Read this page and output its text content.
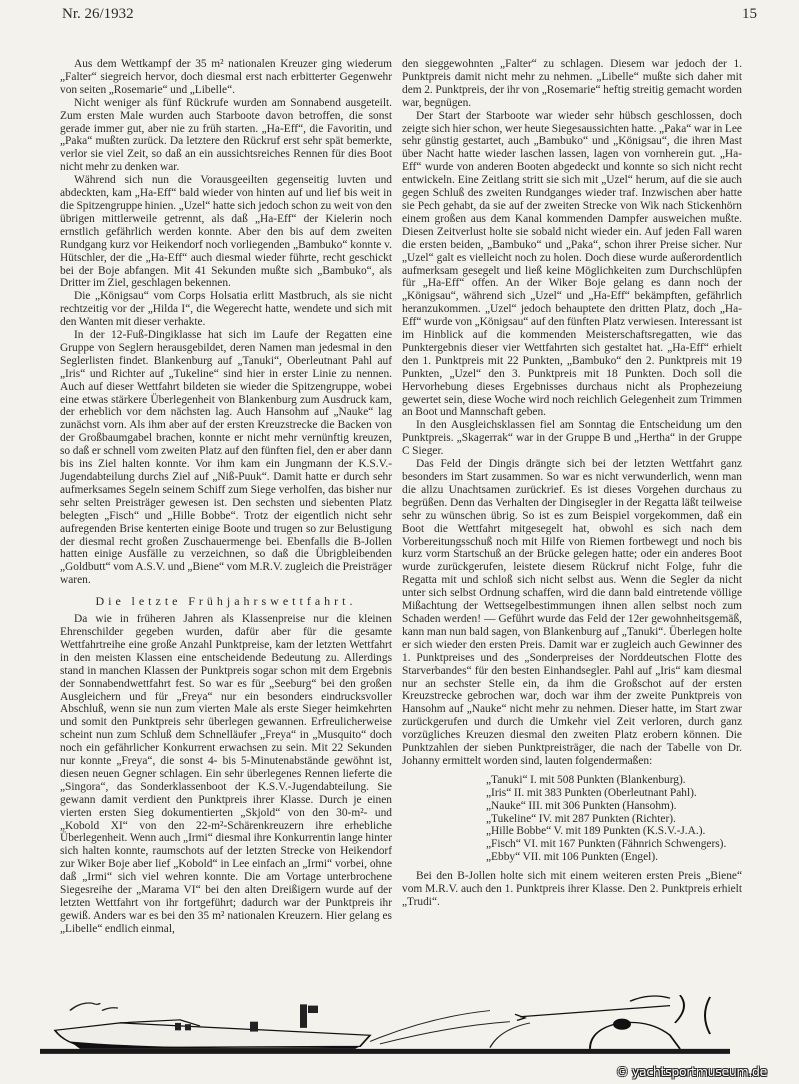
Nr. 26/1932	15

Aus dem Wettkampf der 35 m² nationalen Kreuzer ging wiederum „Falter“ siegreich hervor, doch diesmal erst nach erbitterter Gegenwehr von seiten „Rosemarie“ und „Libelle“.

Nicht weniger als fünf Rückrufe wurden am Sonnabend ausgeteilt. Zum ersten Male wurden auch Starboote davon betroffen, die sonst gerade immer gut, aber nie zu früh starten. „Ha-Eff“, die Favoritin, und „Paka“ mußten zurück. Da letztere den Rückruf erst sehr spät bemerkte, verlor sie viel Zeit, so daß an ein aussichtsreiches Rennen für dies Boot nicht mehr zu denken war.

Während sich nun die Vorausgeeilten gegenseitig luvten und abdeckten, kam „Ha-Eff“ bald wieder von hinten auf und lief bis weit in die Spitzengruppe hinien. „Uzel“ hatte sich jedoch schon zu weit von den übrigen mittlerweile getrennt, als daß „Ha-Eff“ der Kielerin noch ernstlich gefährlich werden konnte. Aber den bis auf dem zweiten Rundgang kurz vor Heikendorf noch vorliegenden „Bambuko“ konnte v. Hütschler, der die „Ha-Eff“ auch diesmal wieder führte, recht geschickt bei der Boje abfangen. Mit 41 Sekunden mußte sich „Bambuko“, als Dritter im Ziel, geschlagen bekennen.

Die „Königsau“ vom Corps Holsatia erlitt Mastbruch, als sie nicht rechtzeitig vor der „Hilda I“, die Wegerecht hatte, wendete und sich mit den Wanten mit dieser verhakte.

In der 12-Fuß-Dingiklasse hat sich im Laufe der Regatten eine Gruppe von Seglern herausgebildet, deren Namen man jedesmal in den Seglerlisten findet. Blankenburg auf „Tanuki“, Oberleutnant Pahl auf „Iris“ und Richter auf „Tukeline“ sind hier in erster Linie zu nennen. Auch auf dieser Wettfahrt bildeten sie wieder die Spitzengruppe, wobei eine etwas stärkere Überlegenheit von Blankenburg zum Ausdruck kam, der erheblich vor dem nächsten lag. Auch Hansohm auf „Nauke“ lag zunächst vorn. Als ihm aber auf der ersten Kreuzstrecke die Backen von der Großbaumgabel brachen, konnte er nicht mehr vernünftig kreuzen, so daß er schnell vom zweiten Platz auf den fünften fiel, den er aber dann bis ins Ziel halten konnte. Vor ihm kam ein Jungmann der K.S.V.-Jugendabteilung durchs Ziel auf „Niß-Puuk“. Damit hatte er durch sehr aufmerksames Segeln seinem Schiff zum Siege verholfen, das bisher nur sehr selten Preisträger gewesen ist. Den sechsten und siebenten Platz belegten „Fisch“ und „Hille Bobbe“. Trotz der eigentlich nicht sehr aufregenden Brise kenterten einige Boote und trugen so zur Belustigung der diesmal recht großen Zuschauermenge bei. Ebenfalls die B-Jollen hatten einige Ausfälle zu verzeichnen, so daß die Übrigbleibenden „Goldbutt“ vom A.S.V. und „Biene“ vom M.R.V. zugleich die Preisträger waren.

Die letzte Frühjahrswettfahrt.

Da wie in früheren Jahren als Klassenpreise nur die kleinen Ehrenschilder gegeben wurden, dafür aber für die gesamte Wettfahrtreihe eine große Anzahl Punktpreise, kam der letzten Wettfahrt in den meisten Klassen eine entscheidende Bedeutung zu. Allerdings stand in manchen Klassen der Punktpreis sogar schon mit dem Ergebnis der Sonnabendwettfahrt fest. So war es für „Seeburg“ bei den großen Ausgleichern und für „Freya“ nur ein besonders eindrucksvoller Abschluß, wenn sie nun zum vierten Male als erste Sieger heimkehrten und somit den Punktpreis sehr überlegen gewannen. Erfreulicherweise scheint nun zum Schluß dem Schnelläufer „Freya“ in „Musquito“ doch noch ein gefährlicher Konkurrent erwachsen zu sein. Mit 22 Sekunden nur konnte „Freya“, die sonst 4- bis 5-Minutenabstände gewöhnt ist, diesen neuen Gegner schlagen. Ein sehr überlegenes Rennen lieferte die „Singora“, das Sonderklassenboot der K.S.V.-Jugendabteilung. Sie gewann damit verdient den Punktpreis ihrer Klasse. Durch je einen vierten ersten Sieg dokumentierten „Skjold“ von den 30-m²- und „Kobold XI“ von den 22-m²-Schärenkreuzern ihre erhebliche Überlegenheit. Wenn auch „Irmi“ diesmal ihre Konkurrentin lange hinter sich halten konnte, raumschots auf der letzten Strecke von Heikendorf zur Wiker Boje aber lief „Kobold“ in Lee einfach an „Irmi“ vorbei, ohne daß „Irmi“ sich viel wehren konnte. Die am Vortage unterbrochene Siegesreihe der „Marama VI“ bei den alten Dreißigern wurde auf der letzten Wettfahrt von ihr fortgeführt; dadurch war der Punktpreis ihr gewiß. Anders war es bei den 35 m² nationalen Kreuzern. Hier gelang es „Libelle“ endlich einmal,

den sieggewohnten „Falter“ zu schlagen. Diesem war jedoch der 1. Punktpreis damit nicht mehr zu nehmen. „Libelle“ mußte sich daher mit dem 2. Punktpreis, der ihr von „Rosemarie“ heftig streitig gemacht worden war, begnügen.

Der Start der Starboote war wieder sehr hübsch geschlossen, doch zeigte sich hier schon, wer heute Siegesaussichten hatte. „Paka“ war in Lee sehr günstig gestartet, auch „Bambuko“ und „Königsau“, die ihren Mast über Nacht hatte wieder laschen lassen, lagen von vornherein gut. „Ha-Eff“ wurde von anderen Booten abgedeckt und konnte so sich nicht recht entwickeln. Eine Zeitlang stritt sie sich mit „Uzel“ herum, auf die sie auch gegen Schluß des zweiten Rundganges wieder traf. Inzwischen aber hatte sie Pech gehabt, da sie auf der zweiten Strecke von Wik nach Stickenhörn einem großen aus dem Kanal kommenden Dampfer ausweichen mußte. Diesen Zeitverlust holte sie sobald nicht wieder ein. Auf jeden Fall waren die ersten beiden, „Bambuko“ und „Paka“, schon ihrer Preise sicher. Nur „Uzel“ galt es vielleicht noch zu holen. Doch diese wurde außerordentlich aufmerksam gesegelt und ließ keine Möglichkeiten zum Durchschlüpfen für „Ha-Eff“ offen. An der Wiker Boje gelang es dann noch der „Königsau“, während sich „Uzel“ und „Ha-Eff“ bekämpften, gefährlich heranzukommen. „Uzel“ jedoch behauptete den dritten Platz, doch „Ha-Eff“ wurde von „Königsau“ auf den fünften Platz verwiesen. Interessant ist im Hinblick auf die kommenden Meisterschaftsregatten, wie das Punktergebnis dieser vier Wettfahrten sich gestaltet hat. „Ha-Eff“ erhielt den 1. Punktpreis mit 22 Punkten, „Bambuko“ den 2. Punktpreis mit 19 Punkten, „Uzel“ den 3. Punktpreis mit 18 Punkten. Doch soll die Hervorhebung dieses Ergebnisses durchaus nicht als Prophezeiung gewertet sein, diese Woche wird noch reichlich Gelegenheit zum Trimmen an Boot und Mannschaft geben.

In den Ausgleichsklassen fiel am Sonntag die Entscheidung um den Punktpreis. „Skagerrak“ war in der Gruppe B und „Hertha“ in der Gruppe C Sieger.

Das Feld der Dingis drängte sich bei der letzten Wettfahrt ganz besonders im Start zusammen. So war es nicht verwunderlich, wenn man die allzu Unachtsamen zurückrief. Es ist dieses Vorgehen durchaus zu begrüßen. Denn das Verhalten der Dingisegler in der Regatta läßt teilweise sehr zu wünschen übrig. So ist es zum Beispiel vorgekommen, daß ein Boot die Wettfahrt mitgesegelt hat, obwohl es sich nach dem Vorbereitungsschuß noch mit Hilfe von Riemen fortbewegt und noch bis kurz vorm Startschuß an der Brücke gelegen hatte; oder ein anderes Boot wurde zurückgerufen, leistete diesem Rückruf nicht Folge, fuhr die Regatta mit und schloß sich nicht selbst aus. Wenn die Segler da nicht unter sich selbst Ordnung schaffen, wird die dann bald eintretende völlige Mißachtung der Wettsegelbestimmungen ihnen allen selbst noch zum Schaden werden! — Geführt wurde das Feld der 12er gewohnheitsgemäß, kann man nun bald sagen, von Blankenburg auf „Tanuki“. Überlegen holte er sich wieder den ersten Preis. Damit war er zugleich auch Gewinner des 1. Punktpreises und des „Sonderpreises der Norddeutschen Flotte des Starverbandes“ für den besten Einhandsegler. Pahl auf „Iris“ kam diesmal nur an sechster Stelle ein, da ihm die Großschot auf der ersten Kreuzstrecke gebrochen war, doch war ihm der zweite Punktpreis von Hansohm auf „Nauke“ nicht mehr zu nehmen. Dieser hatte, im Start zwar zurückgerufen und durch die Umkehr viel Zeit verloren, durch ganz vorzügliches Kreuzen diesmal den zweiten Platz erobern können. Die Punktzahlen der sieben Punktpreisträger, die nach der Tabelle von Dr. Johanny ermittelt worden sind, lauten folgendermaßen:

„Tanuki“ I. mit 508 Punkten (Blankenburg).
„Iris“ II. mit 383 Punkten (Oberleutnant Pahl).
„Nauke“ III. mit 306 Punkten (Hansohm).
„Tukeline“ IV. mit 287 Punkten (Richter).
„Hille Bobbe“ V. mit 189 Punkten (K.S.V.-J.A.).
„Fisch“ VI. mit 167 Punkten (Fähnrich Schwengers).
„Ebby“ VII. mit 106 Punkten (Engel).

Bei den B-Jollen holte sich mit einem weiteren ersten Preis „Biene“ vom M.R.V. auch den 1. Punktpreis ihrer Klasse. Den 2. Punktpreis erhielt „Trudi“.

© yachtsportmuseum.de
